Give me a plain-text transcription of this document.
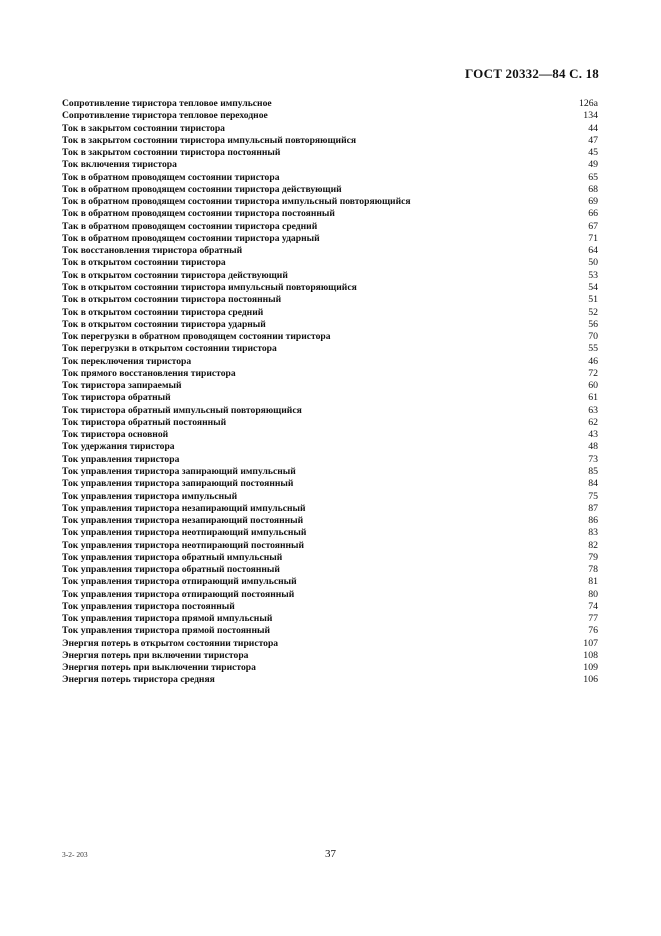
ГОСТ 20332—84 С. 18
Сопротивление тиристора тепловое импульсное	126а
Сопротивление тиристора тепловое переходное	134
Ток в закрытом состоянии тиристора	44
Ток в закрытом состоянии тиристора импульсный повторяющийся	47
Ток в закрытом состоянии тиристора постоянный	45
Ток включения тиристора	49
Ток в обратном проводящем состоянии тиристора	65
Ток в обратном проводящем состоянии тиристора действующий	68
Ток в обратном проводящем состоянии тиристора импульсный повторяющийся	69
Ток в обратном проводящем состоянии тиристора постоянный	66
Так в обратном проводящем состоянии тиристора средний	67
Ток в обратном проводящем состоянии тиристора ударный	71
Ток восстановления тиристора обратный	64
Ток в открытом состоянии тиристора	50
Ток в открытом состоянии тиристора действующий	53
Ток в открытом состоянии тиристора импульсный повторяющийся	54
Ток в открытом состоянии тиристора постоянный	51
Ток в открытом состоянии тиристора средний	52
Ток в открытом состоянии тиристора ударный	56
Ток перегрузки в обратном проводящем состоянии тиристора	70
Ток перегрузки в открытом состоянии тиристора	55
Ток переключения тиристора	46
Ток прямого восстановления тиристора	72
Ток тиристора запираемый	60
Ток тиристора обратный	61
Ток тиристора обратный импульсный повторяющийся	63
Ток тиристора обратный постоянный	62
Ток тиристора основной	43
Ток удержания тиристора	48
Ток управления тиристора	73
Ток управления тиристора запирающий импульсный	85
Ток управления тиристора запирающий постоянный	84
Ток управления тиристора импульсный	75
Ток управления тиристора незапирающий импульсный	87
Ток управления тиристора незапирающий постоянный	86
Ток управления тиристора неотпирающий импульсный	83
Ток управления тиристора неотпирающий постоянный	82
Ток управления тиристора обратный импульсный	79
Ток управления тиристора обратный постоянный	78
Ток управления тиристора отпирающий импульсный	81
Ток управления тиристора отпирающий постоянный	80
Ток управления тиристора постоянный	74
Ток управления тиристора прямой импульсный	77
Ток управления тиристора прямой постоянный	76
Энергия потерь в открытом состоянии тиристора	107
Энергия потерь при включении тиристора	108
Энергия потерь при выключении тиристора	109
Энергия потерь тиристора средняя	106
37
3-2- 203
